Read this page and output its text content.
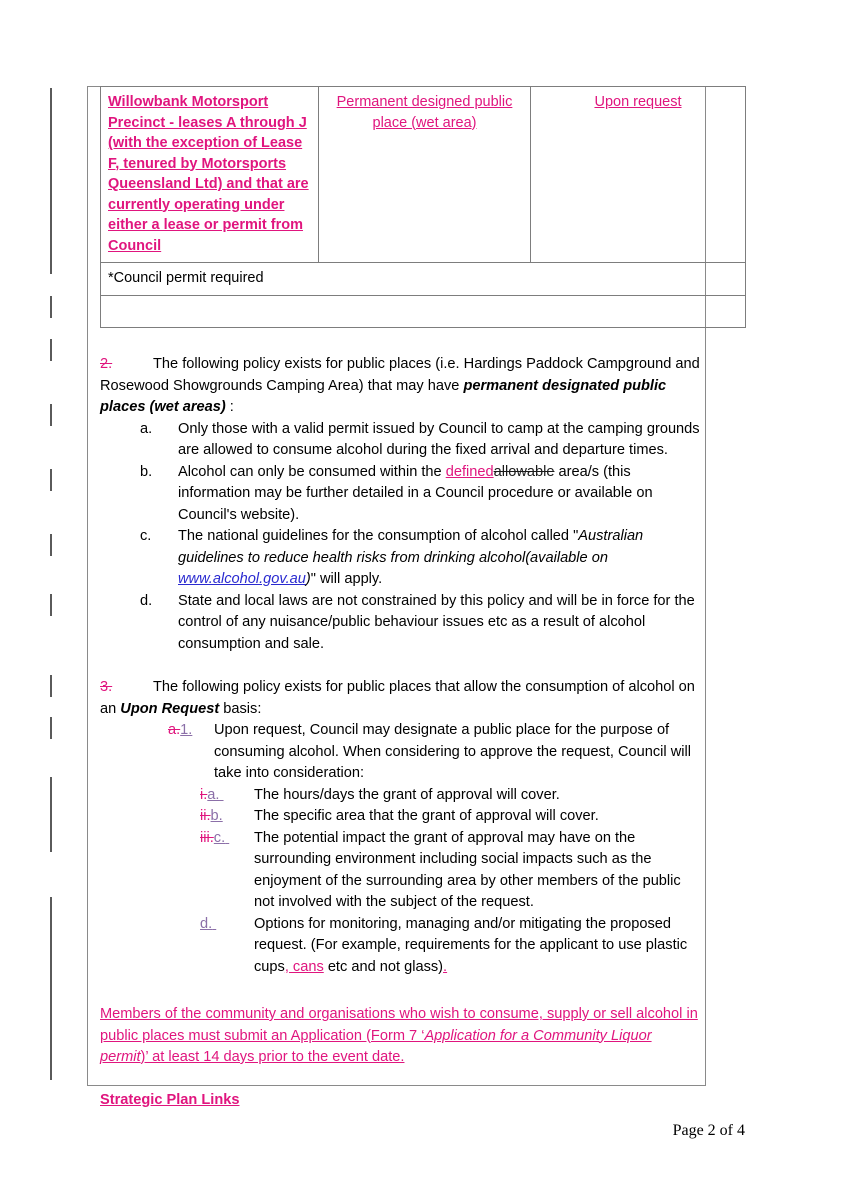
Willowbank Motorsport Precinct - leases A through J (with the exception of Lease F, tenured by Motorsports Queensland Ltd) and that are currently operating under either a lease or permit from Council	Permanent designed public place (wet area)	Upon request
*Council permit required

2.	The following policy exists for public places (i.e. Hardings Paddock Campground and Rosewood Showgrounds Camping Area) that may have permanent designated public places (wet areas) :
a.	Only those with a valid permit issued by Council to camp at the camping grounds are allowed to consume alcohol during the fixed arrival and departure times.
b.	Alcohol can only be consumed within the definedallowable area/s (this information may be further detailed in a Council procedure or available on Council's website).
c.	The national guidelines for the consumption of alcohol called "Australian guidelines to reduce health risks from drinking alcohol(available on www.alcohol.gov.au)" will apply.
d.	State and local laws are not constrained by this policy and will be in force for the control of any nuisance/public behaviour issues etc as a result of alcohol consumption and sale.
3.	The following policy exists for public places that allow the consumption of alcohol on an Upon Request basis:
a.1. Upon request, Council may designate a public place for the purpose of consuming alcohol. When considering to approve the request, Council will take into consideration:
i.a. The hours/days the grant of approval will cover.
ii.b. The specific area that the grant of approval will cover.
iii.c.	The potential impact the grant of approval may have on the surrounding environment including social impacts such as the enjoyment of the surrounding area by other members of the public not involved with the subject of the request.
d.	Options for monitoring, managing and/or mitigating the proposed request. (For example, requirements for the applicant to use plastic cups, cans etc and not glass).
Members of the community and organisations who wish to consume, supply or sell alcohol in public places must submit an Application (Form 7 ‘Application for a Community Liquor permit)’ at least 14 days prior to the event date.
Strategic Plan Links
Page 2 of 4
